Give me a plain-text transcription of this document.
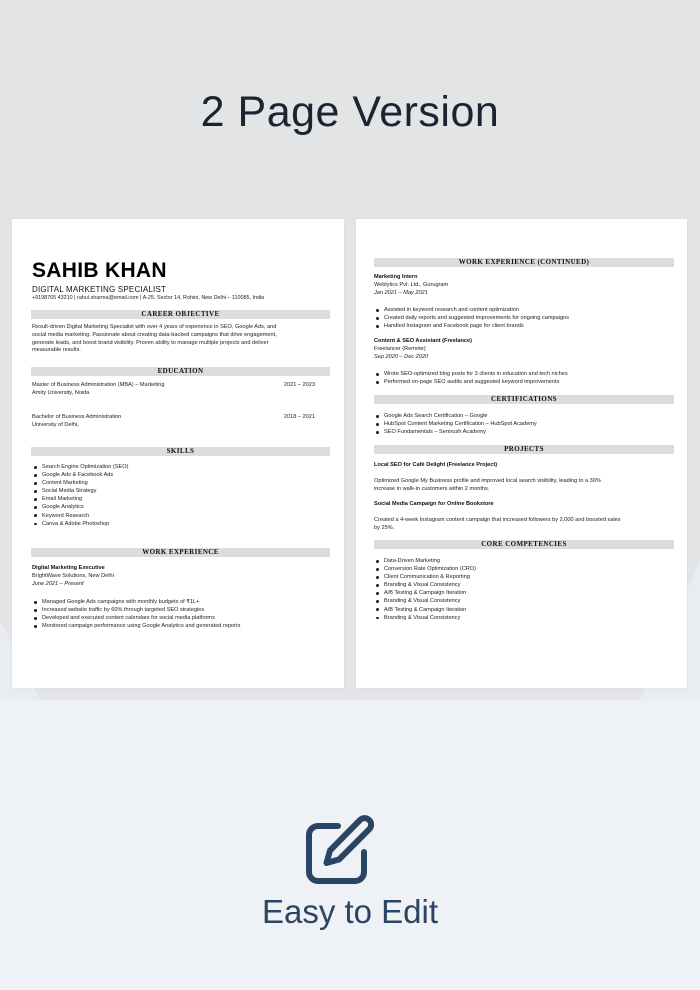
2 Page Version
SAHIB KHAN
DIGITAL MARKETING SPECIALIST
+9198765 43210 | rahul.sharma@email.com | A-25, Sector 14, Rohini, New Delhi – 110085, India
CAREER OBJECTIVE
Result-driven Digital Marketing Specialist with over 4 years of experience in SEO, Google Ads, and
social media marketing. Passionate about creating data-backed campaigns that drive engagement,
generate leads, and boost brand visibility. Proven ability to manage multiple projects and deliver
measurable results.
EDUCATION
Master of Business Administration (MBA) – Marketing
Amity University, Noida
2021 – 2023
Bachelor of Business Administration
University of Delhi,
2018 – 2021
SKILLS
Search Engine Optimization (SEO)
Google Ads & Facebook Ads
Content Marketing
Social Media Strategy
Email Marketing
Google Analytics
Keyword Research
Canva & Adobe Photoshop
WORK EXPERIENCE
Digital Marketing Executive
BrightWave Solutions, New Delhi
June 2021 – Present
Managed Google Ads campaigns with monthly budgets of ₹1L+
Increased website traffic by 60% through targeted SEO strategies
Developed and executed content calendars for social media platforms
Monitored campaign performance using Google Analytics and generated reports
WORK EXPERIENCE (CONTINUED)
Marketing Intern
Weblytics Pvt. Ltd., Gurugram
Jan 2021 – May 2021
Assisted in keyword research and content optimization
Created daily reports and suggested improvements for ongoing campaigns
Handled Instagram and Facebook page for client brands
Content & SEO Assistant (Freelance)
Freelancer (Remote)
Sep 2020 – Dec 2020
Wrote SEO-optimized blog posts for 3 clients in education and tech niches
Performed on-page SEO audits and suggested keyword improvements
CERTIFICATIONS
Google Ads Search Certification – Google
HubSpot Content Marketing Certification – HubSpot Academy
SEO Fundamentals – Semrush Academy
PROJECTS
Local SEO for Café Delight (Freelance Project)
Optimized Google My Business profile and improved local search visibility, leading to a 30%
increase in walk-in customers within 2 months.
Social Media Campaign for Online Bookstore
Created a 4-week Instagram content campaign that increased followers by 2,000 and boosted sales
by 25%.
CORE COMPETENCIES
Data-Driven Marketing
Conversion Rate Optimization (CRO)
Client Communication & Reporting
Branding & Visual Consistency
A/B Testing & Campaign Iteration
Branding & Visual Consistency
A/B Testing & Campaign Iteration
Branding & Visual Consistency
Easy to Edit
